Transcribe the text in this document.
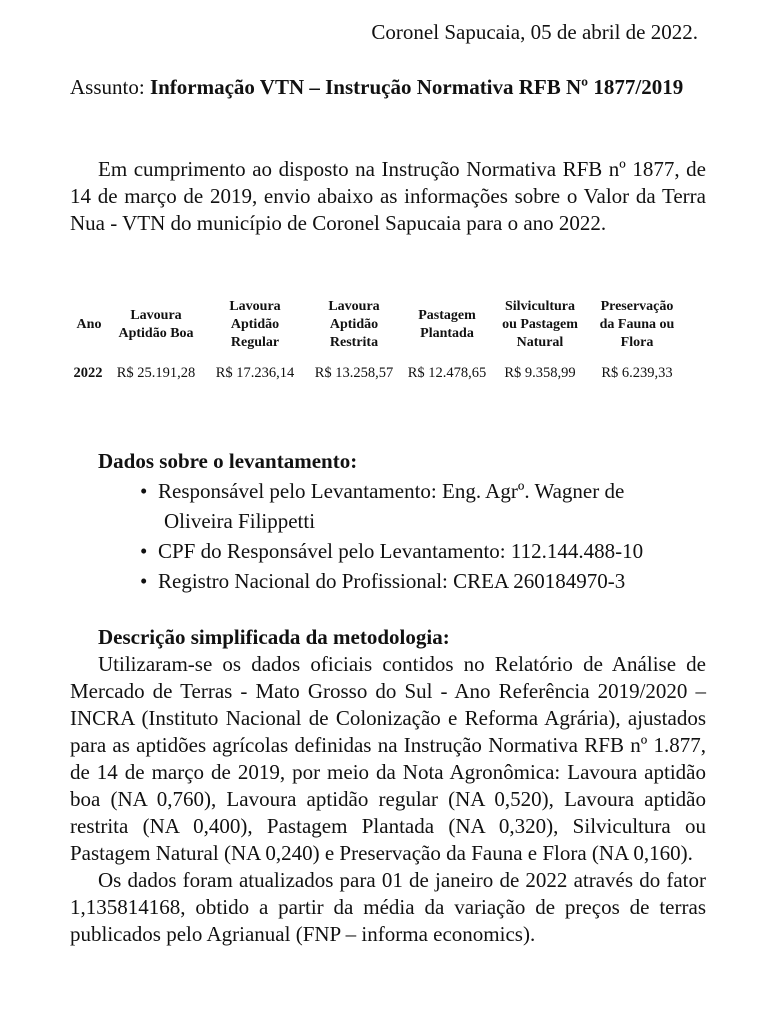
Coronel Sapucaia, 05 de abril de 2022.
Assunto: Informação VTN – Instrução Normativa RFB Nº 1877/2019
Em cumprimento ao disposto na Instrução Normativa RFB nº 1877, de 14 de março de 2019, envio abaixo as informações sobre o Valor da Terra Nua - VTN do município de Coronel Sapucaia para o ano 2022.
Ano	Lavoura Aptidão Boa	Lavoura Aptidão Regular	Lavoura Aptidão Restrita	Pastagem Plantada	Silvicultura ou Pastagem Natural	Preservação da Fauna ou Flora
2022	R$ 25.191,28	R$ 17.236,14	R$ 13.258,57	R$ 12.478,65	R$ 9.358,99	R$ 6.239,33
Dados sobre o levantamento:
• Responsável pelo Levantamento: Eng. Agrº. Wagner de
Oliveira Filippetti
• CPF do Responsável pelo Levantamento: 112.144.488-10
• Registro Nacional do Profissional: CREA 260184970-3
Descrição simplificada da metodologia:

Utilizaram-se os dados oficiais contidos no Relatório de Análise de Mercado de Terras - Mato Grosso do Sul - Ano Referência 2019/2020 – INCRA (Instituto Nacional de Colonização e Reforma Agrária), ajustados para as aptidões agrícolas definidas na Instrução Normativa RFB nº 1.877, de 14 de março de 2019, por meio da Nota Agronômica: Lavoura aptidão boa (NA 0,760), Lavoura aptidão regular (NA 0,520), Lavoura aptidão restrita (NA 0,400), Pastagem Plantada (NA 0,320), Silvicultura ou Pastagem Natural (NA 0,240) e Preservação da Fauna e Flora (NA 0,160).

Os dados foram atualizados para 01 de janeiro de 2022 através do fator 1,135814168, obtido a partir da média da variação de preços de terras publicados pelo Agrianual (FNP – informa economics).
